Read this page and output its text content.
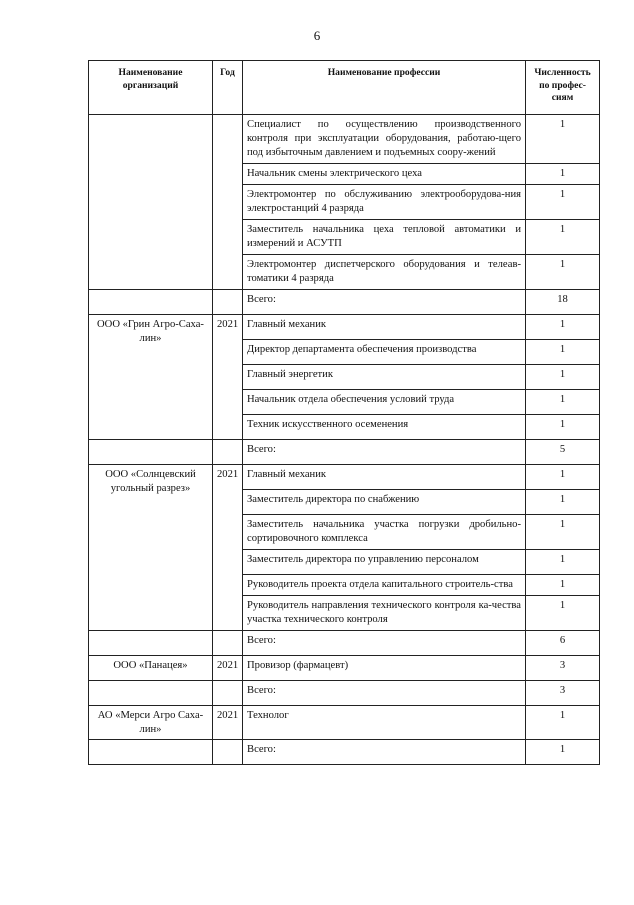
6
Наименование организаций	Год	Наименование профессии	Численность по профес-сиям
		Специалист по осуществлению производственного контроля при эксплуатации оборудования, работаю-щего под избыточным давлением и подъемных соору-жений	1
		Начальник смены электрического цеха	1
		Электромонтер по обслуживанию электрооборудова-ния электростанций 4 разряда	1
		Заместитель начальника цеха тепловой автоматики и измерений и АСУТП	1
		Электромонтер диспетчерского оборудования и телеав-томатики 4 разряда	1
		Всего:	18
ООО «Грин Агро-Саха-лин»	2021	Главный механик	1
		Директор департамента обеспечения производства	1
		Главный энергетик	1
		Начальник отдела обеспечения условий труда	1
		Техник искусственного осеменения	1
		Всего:	5
ООО «Солнцевский угольный разрез»	2021	Главный механик	1
		Заместитель директора по снабжению	1
		Заместитель начальника участка погрузки дробильно-сортировочного комплекса	1
		Заместитель директора по управлению персоналом	1
		Руководитель проекта отдела капитального строитель-ства	1
		Руководитель направления технического контроля ка-чества участка технического контроля	1
		Всего:	6
ООО «Панацея»	2021	Провизор (фармацевт)	3
		Всего:	3
АО «Мерси Агро Саха-лин»	2021	Технолог	1
		Всего:	1
